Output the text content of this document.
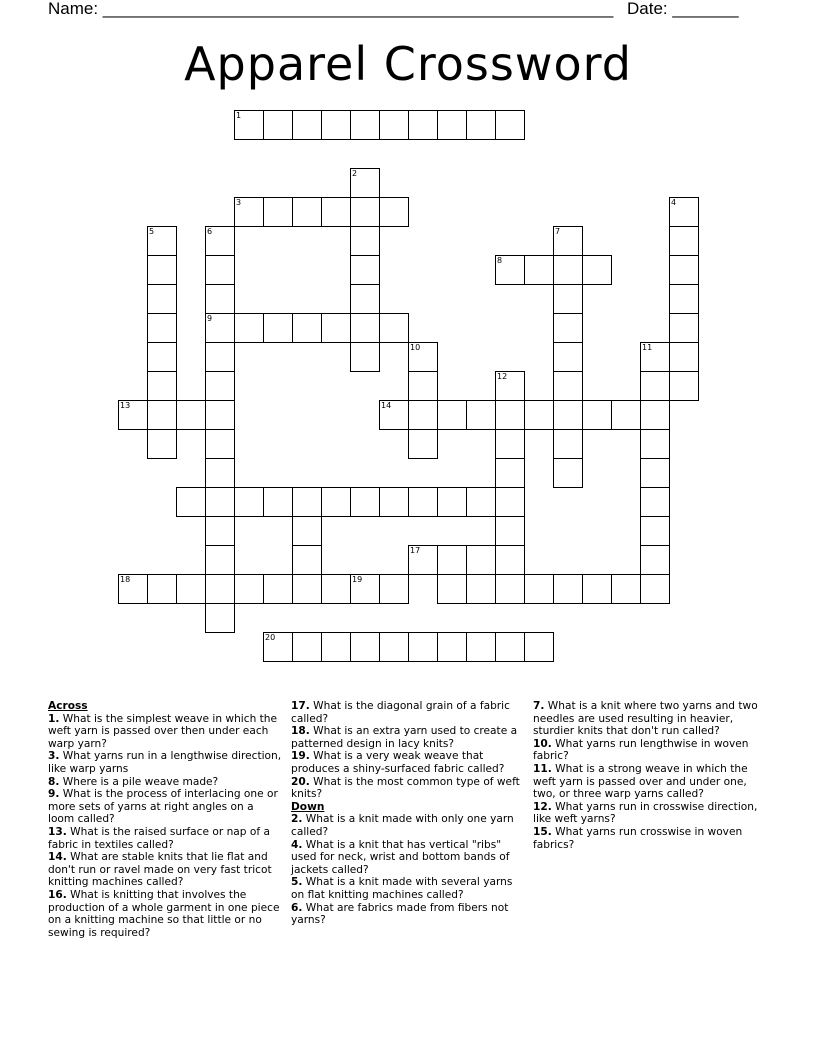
Name: ______________________________________________________ Date: _______
Apparel Crossword
1
2
3	4
5	6
9
7
8
10	11
12
13	14
17
18	19
20
Across
1. What is the simplest weave in which the weft yarn is passed over then under each warp yarn?
3. What yarns run in a lengthwise direction, like warp yarns
8. Where is a pile weave made?
9. What is the process of interlacing one or more sets of yarns at right angles on a loom called?
13. What is the raised surface or nap of a fabric in textiles called?
14. What are stable knits that lie flat and don't run or ravel made on very fast tricot knitting machines called?
16. What is knitting that involves the production of a whole garment in one piece on a knitting machine so that little or no sewing is required?
17. What is the diagonal grain of a fabric called?
18. What is an extra yarn used to create a patterned design in lacy knits?
19. What is a very weak weave that produces a shiny-surfaced fabric called?
20. What is the most common type of weft knits?
Down
2. What is a knit made with only one yarn called?
4. What is a knit that has vertical "ribs" used for neck, wrist and bottom bands of jackets called?
5. What is a knit made with several yarns on flat knitting machines called?
6. What are fabrics made from fibers not yarns?
7. What is a knit where two yarns and two needles are used resulting in heavier, sturdier knits that don't run called?
10. What yarns run lengthwise in woven fabric?
11. What is a strong weave in which the weft yarn is passed over and under one, two, or three warp yarns called?
12. What yarns run in crosswise direction, like weft yarns?
15. What yarns run crosswise in woven fabrics?
